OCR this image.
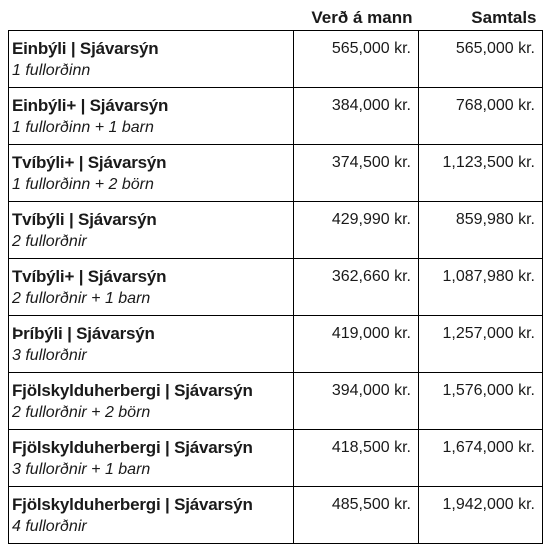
	Verð á mann	Samtals

Einbýli | Sjávarsýn
1 fullorðinn	565,000 kr.	565,000 kr.

Einbýli+ | Sjávarsýn
1 fullorðinn + 1 barn	384,000 kr.	768,000 kr.

Tvíbýli+ | Sjávarsýn
1 fullorðinn + 2 börn	374,500 kr.	1,123,500 kr.

Tvíbýli | Sjávarsýn
2 fullorðnir	429,990 kr.	859,980 kr.

Tvíbýli+ | Sjávarsýn
2 fullorðnir + 1 barn	362,660 kr.	1,087,980 kr.

Þríbýli | Sjávarsýn
3 fullorðnir	419,000 kr.	1,257,000 kr.

Fjölskylduherbergi | Sjávarsýn
2 fullorðnir + 2 börn	394,000 kr.	1,576,000 kr.

Fjölskylduherbergi | Sjávarsýn
3 fullorðnir + 1 barn	418,500 kr.	1,674,000 kr.

Fjölskylduherbergi | Sjávarsýn
4 fullorðnir	485,500 kr.	1,942,000 kr.
